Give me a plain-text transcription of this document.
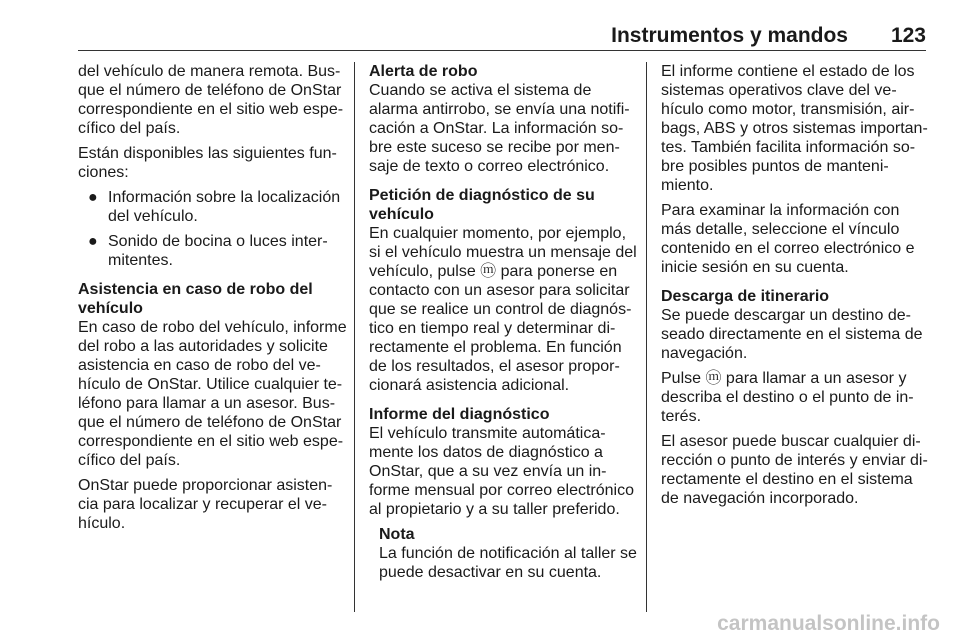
Instrumentos y mandos 123
del vehículo de manera remota. Bus-
que el número de teléfono de OnStar
correspondiente en el sitio web espe-
cífico del país.
Están disponibles las siguientes fun-
ciones:
● Información sobre la localización
del vehículo.
● Sonido de bocina o luces inter-
mitentes.
Asistencia en caso de robo del
vehículo
En caso de robo del vehículo, informe
del robo a las autoridades y solicite
asistencia en caso de robo del ve-
hículo de OnStar. Utilice cualquier te-
léfono para llamar a un asesor. Bus-
que el número de teléfono de OnStar
correspondiente en el sitio web espe-
cífico del país.
OnStar puede proporcionar asisten-
cia para localizar y recuperar el ve-
hículo.
Alerta de robo
Cuando se activa el sistema de
alarma antirrobo, se envía una notifi-
cación a OnStar. La información so-
bre este suceso se recibe por men-
saje de texto o correo electrónico.
Petición de diagnóstico de su
vehículo
En cualquier momento, por ejemplo,
si el vehículo muestra un mensaje del
vehículo, pulse ⓜ para ponerse en
contacto con un asesor para solicitar
que se realice un control de diagnós-
tico en tiempo real y determinar di-
rectamente el problema. En función
de los resultados, el asesor propor-
cionará asistencia adicional.
Informe del diagnóstico
El vehículo transmite automática-
mente los datos de diagnóstico a
OnStar, que a su vez envía un in-
forme mensual por correo electrónico
al propietario y a su taller preferido.
Nota
La función de notificación al taller se
puede desactivar en su cuenta.
El informe contiene el estado de los
sistemas operativos clave del ve-
hículo como motor, transmisión, air-
bags, ABS y otros sistemas importan-
tes. También facilita información so-
bre posibles puntos de manteni-
miento.
Para examinar la información con
más detalle, seleccione el vínculo
contenido en el correo electrónico e
inicie sesión en su cuenta.
Descarga de itinerario
Se puede descargar un destino de-
seado directamente en el sistema de
navegación.
Pulse ⓜ para llamar a un asesor y
describa el destino o el punto de in-
terés.
El asesor puede buscar cualquier di-
rección o punto de interés y enviar di-
rectamente el destino en el sistema
de navegación incorporado.
carmanualsonline.info
